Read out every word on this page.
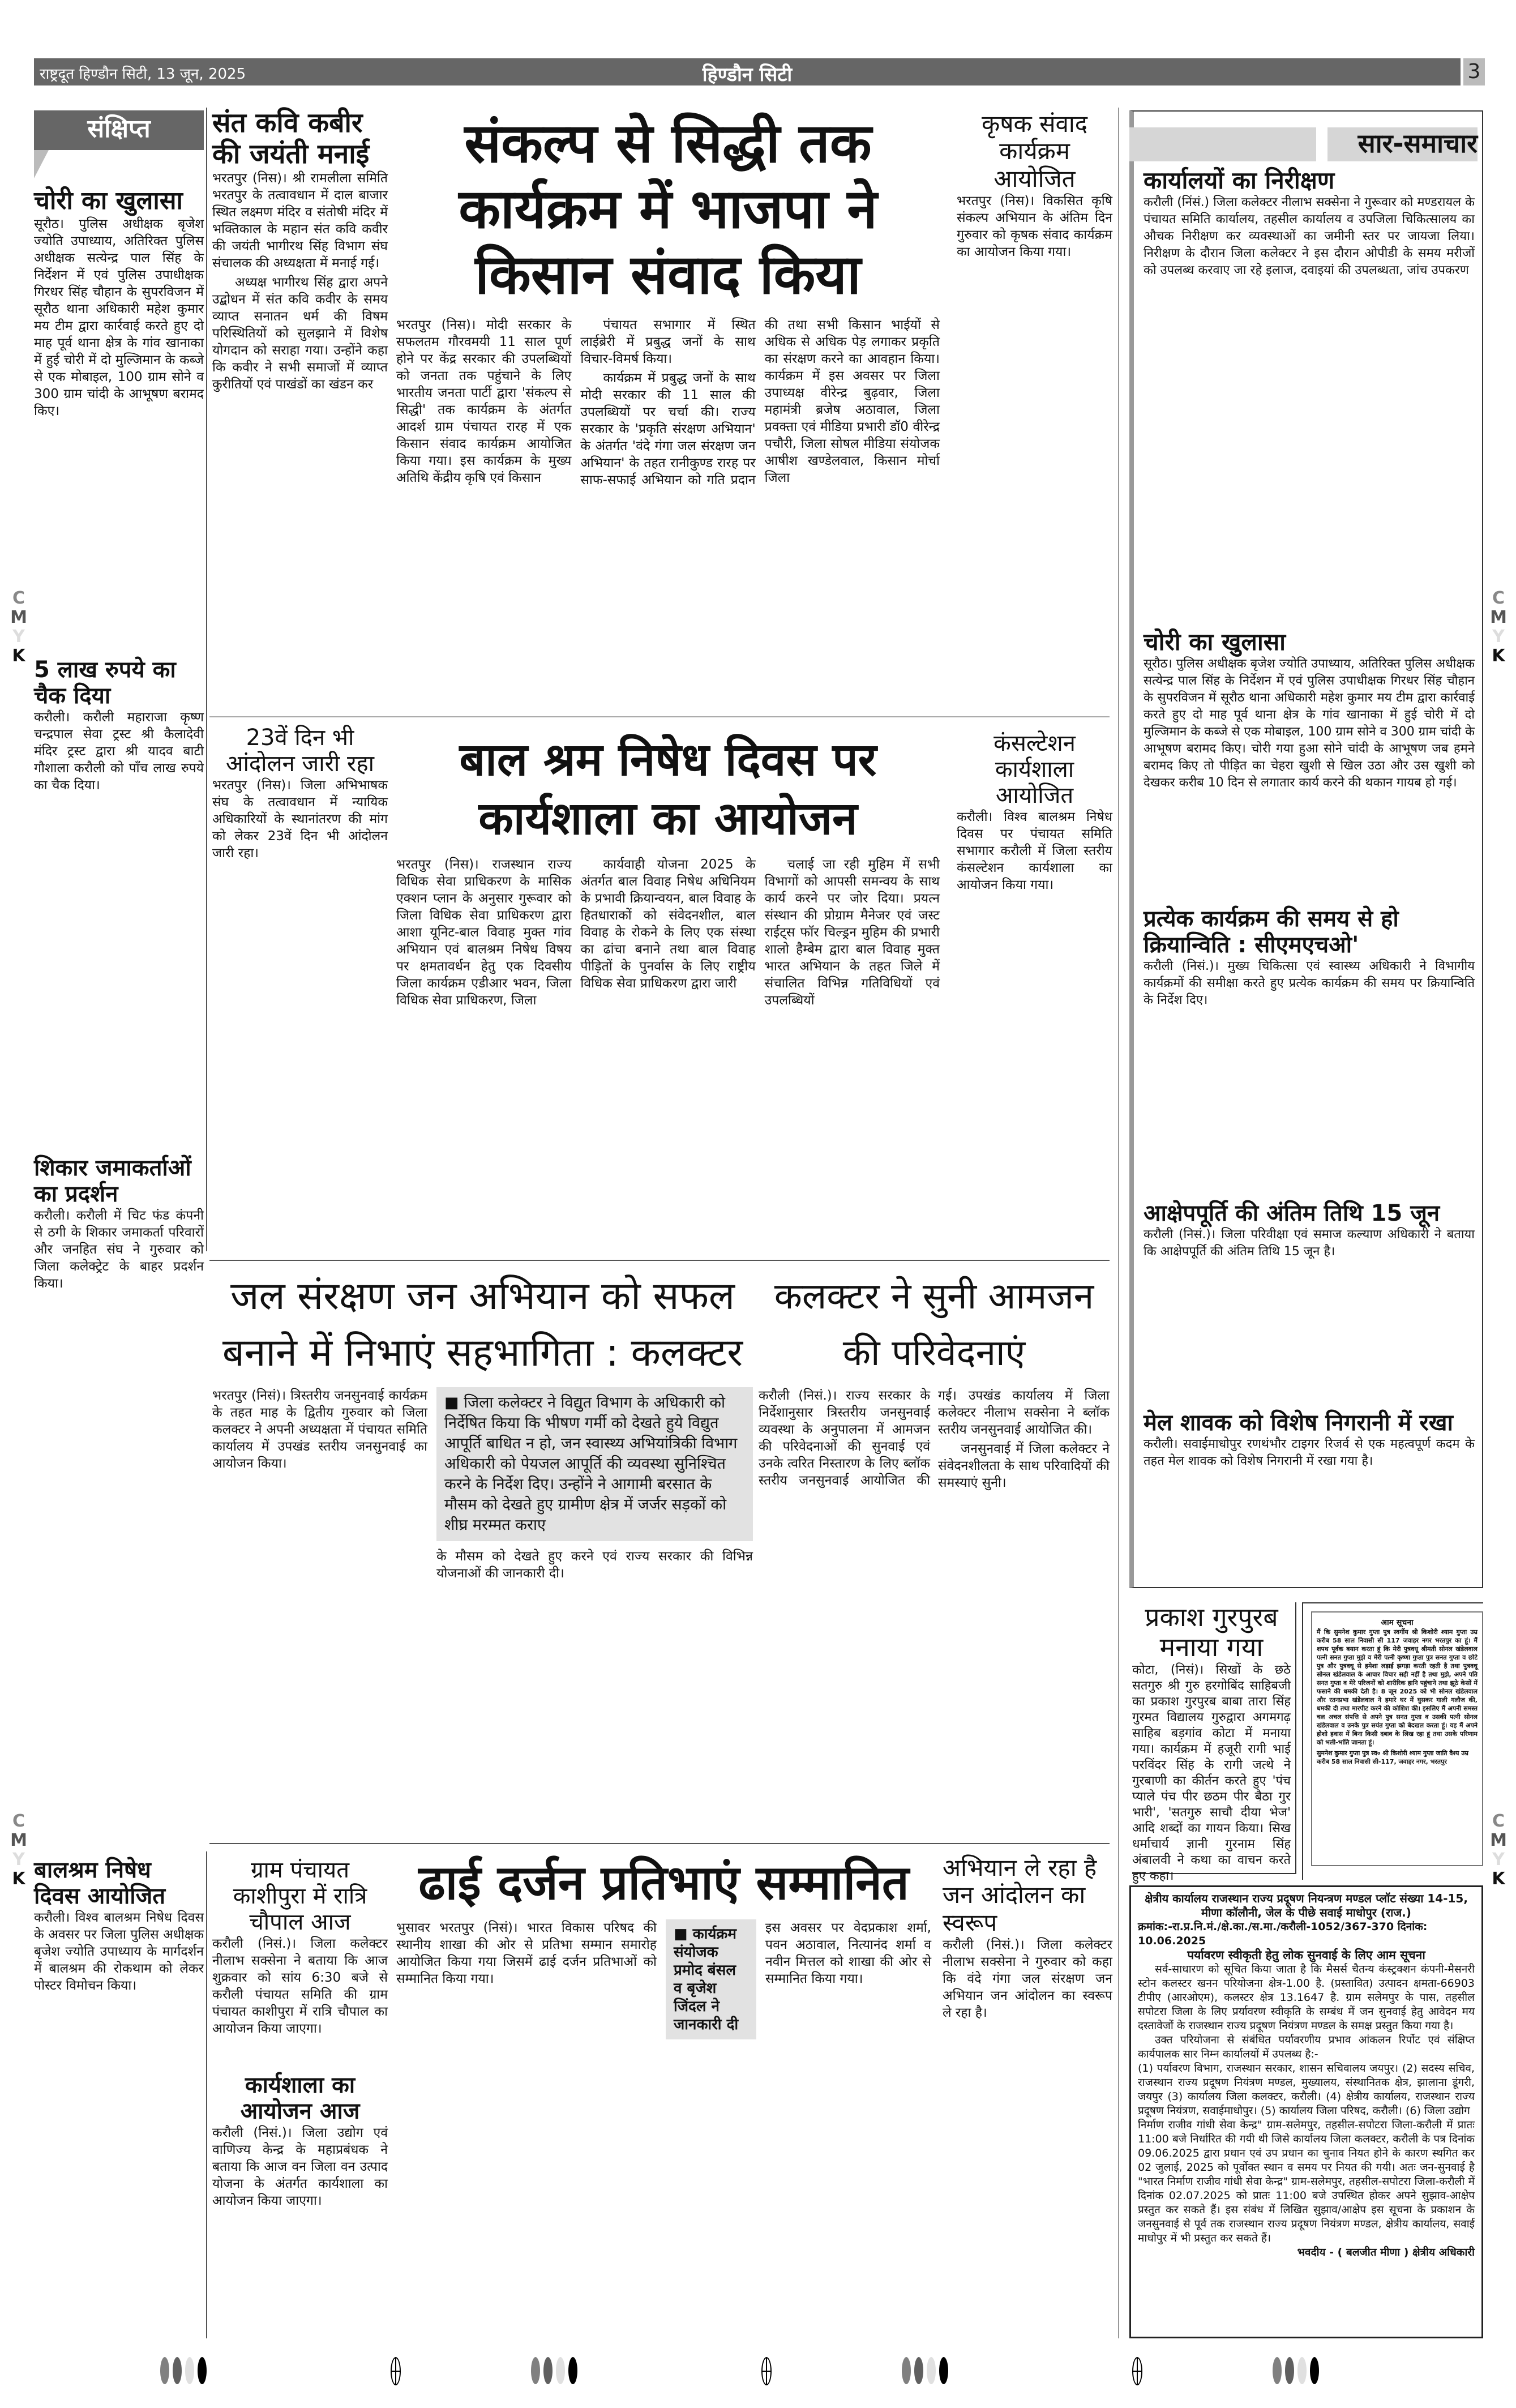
राष्ट्रदूत हिण्डौन सिटी, 13 जून, 2025	हिण्डौन सिटी	3
संक्षिप्त
चोरी का खुलासा
सूरौठ। पुलिस अधीक्षक बृजेश ज्योति उपाध्याय, अतिरिक्त पुलिस अधीक्षक सत्येन्द्र पाल सिंह के निर्देशन में एवं पुलिस उपाधीक्षक गिरधर सिंह चौहान के सुपरविजन में सूरौठ थाना अधिकारी महेश कुमार मय टीम द्वारा कार्रवाई करते हुए दो माह पूर्व थाना क्षेत्र के गांव खानाका में हुई चोरी में दो मुल्जिमान के कब्जे से एक मोबाइल, 100 ग्राम सोने व 300 ग्राम चांदी के आभूषण बरामद किए।
5 लाख रुपये का चैक दिया
करौली। करौली महाराजा कृष्ण चन्द्रपाल सेवा ट्रस्ट श्री कैलादेवी मंदिर ट्रस्ट द्वारा श्री यादव बाटी गौशाला करौली को पाँच लाख रुपये का चैक दिया।
शिकार जमाकर्ताओं का प्रदर्शन
करौली। करौली में चिट फंड कंपनी से ठगी के शिकार जमाकर्ता परिवारों और जनहित संघ ने गुरुवार को जिला कलेक्ट्रेट के बाहर प्रदर्शन किया।
बालश्रम निषेध दिवस आयोजित
करौली। विश्व बालश्रम निषेध दिवस के अवसर पर जिला पुलिस अधीक्षक बृजेश ज्योति उपाध्याय के मार्गदर्शन में बालश्रम की रोकथाम को लेकर पोस्टर विमोचन किया।
संत कवि कबीर की जयंती मनाई

भरतपुर (निस)। श्री रामलीला समिति भरतपुर के तत्वावधान में दाल बाजार स्थित लक्ष्मण मंदिर व संतोषी मंदिर में भक्तिकाल के महान संत कवि कवीर की जयंती भागीरथ सिंह विभाग संघ संचालक की अध्यक्षता में मनाई गई।

अध्यक्ष भागीरथ सिंह द्वारा अपने उद्बोधन में संत कवि कवीर के समय व्याप्त सनातन धर्म की विषम परिस्थितियों को सुलझाने में विशेष योगदान को सराहा गया। उन्होंने कहा कि कवीर ने सभी समाजों में व्याप्त कुरीतियों एवं पाखंडों का खंडन कर

23वें दिन भी आंदोलन जारी रहा

भरतपुर (निस)। जिला अभिभाषक संघ के तत्वावधान में न्यायिक अधिकारियों के स्थानांतरण की मांग को लेकर 23वें दिन भी आंदोलन जारी रहा।

संकल्प से सिद्धी तक कार्यक्रम में भाजपा ने किसान संवाद किया

भरतपुर (निस)। मोदी सरकार के सफलतम गौरवमयी 11 साल पूर्ण होने पर केंद्र सरकार की उपलब्धियों को जनता तक पहुंचाने के लिए भारतीय जनता पार्टी द्वारा 'संकल्प से सिद्धी' तक कार्यक्रम के अंतर्गत आदर्श ग्राम पंचायत रारह में एक किसान संवाद कार्यक्रम आयोजित किया गया। इस कार्यक्रम के मुख्य अतिथि केंद्रीय कृषि एवं किसान

पंचायत सभागार में स्थित लाईब्रेरी में प्रबुद्ध जनों के साथ विचार-विमर्ष किया।

कार्यक्रम में प्रबुद्ध जनों के साथ मोदी सरकार की 11 साल की उपलब्धियों पर चर्चा की। राज्य सरकार के 'प्रकृति संरक्षण अभियान' के अंतर्गत 'वंदे गंगा जल संरक्षण जन अभियान' के तहत रानीकुण्ड रारह पर साफ-सफाई अभियान को गति प्रदान की तथा सभी किसान भाईयों से अधिक से अधिक पेड़ लगाकर प्रकृति का संरक्षण करने का आवहान किया। कार्यक्रम में इस अवसर पर जिला उपाध्यक्ष वीरेन्द्र बुढ़वार, जिला महामंत्री ब्रजेष अठावाल, जिला प्रवक्ता एवं मीडिया प्रभारी डॉ0 वीरेन्द्र पचौरी, जिला सोषल मीडिया संयोजक आषीश खण्डेलवाल, किसान मोर्चा जिला

कृषक संवाद कार्यक्रम आयोजित

भरतपुर (निस)। विकसित कृषि संकल्प अभियान के अंतिम दिन गुरुवार को कृषक संवाद कार्यक्रम का आयोजन किया गया।

बाल श्रम निषेध दिवस पर कार्यशाला का आयोजन

भरतपुर (निस)। राजस्थान राज्य विधिक सेवा प्राधिकरण के मासिक एक्शन प्लान के अनुसार गुरूवार को जिला विधिक सेवा प्राधिकरण द्वारा आशा यूनिट-बाल विवाह मुक्त गांव अभियान एवं बालश्रम निषेध विषय पर क्षमतावर्धन हेतु एक दिवसीय जिला कार्यक्रम एडीआर भवन, जिला विधिक सेवा प्राधिकरण, जिला

कार्यवाही योजना 2025 के अंतर्गत बाल विवाह निषेध अधिनियम के प्रभावी क्रियान्वयन, बाल विवाह के हितधाराकों को संवेदनशील, बाल विवाह के रोकने के लिए एक संस्था का ढांचा बनाने तथा बाल विवाह पीड़ितों के पुनर्वास के लिए राष्ट्रीय विधिक सेवा प्राधिकरण द्वारा जारी

चलाई जा रही मुहिम में सभी विभागों को आपसी समन्वय के साथ कार्य करने पर जोर दिया। प्रयत्न संस्थान की प्रोग्राम मैनेजर एवं जस्ट राईट्स फॉर चिल्ड्रन मुहिम की प्रभारी शालो हैम्बेम द्वारा बाल विवाह मुक्त भारत अभियान के तहत जिले में संचालित विभिन्न गतिविधियों एवं उपलब्धियों

कंसल्टेशन कार्यशाला आयोजित

करौली। विश्व बालश्रम निषेध दिवस पर पंचायत समिति सभागार करौली में जिला स्तरीय कंसल्टेशन कार्यशाला का आयोजन किया गया।

जल संरक्षण जन अभियान को सफल बनाने में निभाएं सहभागिता : कलक्टर

भरतपुर (निसं)। त्रिस्तरीय जनसुनवाई कार्यक्रम के तहत माह के द्वितीय गुरुवार को जिला कलक्टर ने अपनी अध्यक्षता में पंचायत समिति कार्यालय में उपखंड स्तरीय जनसुनवाई का आयोजन किया।

■ जिला कलेक्टर ने विद्युत विभाग के अधिकारी को निर्देषित किया कि भीषण गर्मी को देखते हुये विद्युत आपूर्ति बाधित न हो, जन स्वास्थ्य अभियांत्रिकी विभाग अधिकारी को पेयजल आपूर्ति की व्यवस्था सुनिश्चित करने के निर्देश दिए। उन्होंने ने आगामी बरसात के मौसम को देखते हुए ग्रामीण क्षेत्र में जर्जर सड़कों को शीघ्र मरम्मत कराए

के मौसम को देखते हुए करने एवं राज्य सरकार की विभिन्न योजनाओं की जानकारी दी।

कलक्टर ने सुनी आमजन की परिवेदनाएं

करौली (निसं.)। राज्य सरकार के निर्देशानुसार त्रिस्तरीय जनसुनवाई व्यवस्था के अनुपालना में आमजन की परिवेदनाओं की सुनवाई एवं उनके त्वरित निस्तारण के लिए ब्लॉक स्तरीय जनसुनवाई आयोजित की गई। उपखंड कार्यालय में जिला कलेक्टर नीलाभ सक्सेना ने ब्लॉक स्तरीय जनसुनवाई आयोजित की।

जनसुनवाई में जिला कलेक्टर ने संवेदनशीलता के साथ परिवादियों की समस्याएं सुनी।

ग्राम पंचायत काशीपुरा में रात्रि चौपाल आज

करौली (निसं.)। जिला कलेक्टर नीलाभ सक्सेना ने बताया कि आज शुक्रवार को सांय 6:30 बजे से करौली पंचायत समिति की ग्राम पंचायत काशीपुरा में रात्रि चौपाल का आयोजन किया जाएगा।

कार्यशाला का आयोजन आज

करौली (निसं.)। जिला उद्योग एवं वाणिज्य केन्द्र के महाप्रबंधक ने बताया कि आज वन जिला वन उत्पाद योजना के अंतर्गत कार्यशाला का आयोजन किया जाएगा।

ढाई दर्जन प्रतिभाएं सम्मानित

भुसावर भरतपुर (निसं)। भारत विकास परिषद की स्थानीय शाखा की ओर से प्रतिभा सम्मान समारोह आयोजित किया गया जिसमें ढाई दर्जन प्रतिभाओं को सम्मानित किया गया।

■ कार्यक्रम संयोजक प्रमोद बंसल व बृजेश जिंदल ने जानकारी दी

इस अवसर पर वेदप्रकाश शर्मा, पवन अठावाल, नित्यानंद शर्मा व नवीन मित्तल को शाखा की ओर से सम्मानित किया गया।

अभियान ले रहा है जन आंदोलन का स्वरूप

करौली (निसं.)। जिला कलेक्टर नीलाभ सक्सेना ने गुरुवार को कहा कि वंदे गंगा जल संरक्षण जन अभियान जन आंदोलन का स्वरूप ले रहा है।

सार-समाचार
कार्यालयों का निरीक्षण
करौली (निंसं.) जिला कलेक्टर नीलाभ सक्सेना ने गुरूवार को मण्डरायल के पंचायत समिति कार्यालय, तहसील कार्यालय व उपजिला चिकित्सालय का औचक निरीक्षण कर व्यवस्थाओं का जमीनी स्तर पर जायजा लिया। निरीक्षण के दौरान जिला कलेक्टर ने इस दौरान ओपीडी के समय मरीजों को उपलब्ध करवाए जा रहे इलाज, दवाइयां की उपलब्धता, जांच उपकरण
चोरी का खुलासा
सूरौठ। पुलिस अधीक्षक बृजेश ज्योति उपाध्याय, अतिरिक्त पुलिस अधीक्षक सत्येन्द्र पाल सिंह के निर्देशन में एवं पुलिस उपाधीक्षक गिरधर सिंह चौहान के सुपरविजन में सूरौठ थाना अधिकारी महेश कुमार मय टीम द्वारा कार्रवाई करते हुए दो माह पूर्व थाना क्षेत्र के गांव खानाका में हुई चोरी में दो मुल्जिमान के कब्जे से एक मोबाइल, 100 ग्राम सोने व 300 ग्राम चांदी के आभूषण बरामद किए। चोरी गया हुआ सोने चांदी के आभूषण जब हमने बरामद किए तो पीड़ित का चेहरा खुशी से खिल उठा और उस खुशी को देखकर करीब 10 दिन से लगातार कार्य करने की थकान गायब हो गई।
प्रत्येक कार्यक्रम की समय से हो क्रियान्विति : सीएमएचओ'
करौली (निसं.)। मुख्य चिकित्सा एवं स्वास्थ्य अधिकारी ने विभागीय कार्यक्रमों की समीक्षा करते हुए प्रत्येक कार्यक्रम की समय पर क्रियान्विति के निर्देश दिए।
आक्षेपपूर्ति की अंतिम तिथि 15 जून
करौली (निसं.)। जिला परिवीक्षा एवं समाज कल्याण अधिकारी ने बताया कि आक्षेपपूर्ति की अंतिम तिथि 15 जून है।
मेल शावक को विशेष निगरानी में रखा
करौली। सवाईमाधोपुर रणथंभौर टाइगर रिजर्व से एक महत्वपूर्ण कदम के तहत मेल शावक को विशेष निगरानी में रखा गया है।
प्रकाश गुरपुरब मनाया गया
कोटा, (निसं)। सिखों के छठे सतगुरु श्री गुरु हरगोबिंद साहिबजी का प्रकाश गुरपुरब बाबा तारा सिंह गुरमत विद्यालय गुरुद्वारा अगमगढ़ साहिब बड़गांव कोटा में मनाया गया। कार्यक्रम में हजूरी रागी भाई परविंदर सिंह के रागी जत्थे ने गुरबाणी का कीर्तन करते हुए 'पंच प्याले पंच पीर छठम पीर बैठा गुर भारी', 'सतगुरु साचौ दीया भेज' आदि शब्दों का गायन किया। सिख धर्माचार्य ज्ञानी गुरनाम सिंह अंबालवी ने कथा का वाचन करते हुए कहा।
आम सूचना
मैं कि सुमनेश कुमार गुप्ता पुत्र स्वर्गीय श्री किशोरी श्याम गुप्ता उम्र करीब 58 साल निवासी सी 117 जवाहर नगर भरतपुर का हूं। मैं शपथ पूर्वक बयान करता हूं कि मेरी पुत्रवधू श्रीमती सोनल खंडेलवाल पत्नी सनत गुप्ता मुझे व मेरी पत्नी कृष्णा गुप्ता पुत्र सनत गुप्ता व छोटे पुत्र और पुत्रवधू से हमेशा लड़ाई झगड़ा करती रहती है तथा पुत्रवधू सोनल खंडेलवाल के आचार विचार सही नहीं है तथा मुझे, अपने पति सनत गुप्ता व मेरे परिजनों को शारीरिक हानि पहुंचाने तथा झूठे केसों में फसाने की धमकी देती है। 8 जून 2025 को भी सोनल खंडेलवाल और रतनप्रभा खंडेलवाल ने हमारे घर में घुसकर गाली गलौज की, धमकी दी तथा मारपीट करने की कोशिश की। इसलिए मैं अपनी समस्त चल अचल संपत्ति से अपने पुत्र सनत गुप्ता व उसकी पत्नी सोनल खंडेलवाल व उनके पुत्र सयंत गुप्ता को बेदखल करता हूं। यह मैं अपने होशो हवास में बिना किसी दबाव के लिख रहा हूं तथा उसके परिणाम को भली-भांति जानता हूं।
सुमनेश कुमार गुप्ता पुत्र स्व० श्री किशोरी श्याम गुप्ता जाति वैश्य उम्र करीब 58 साल निवासी सी-117, जवाहर नगर, भरतपुर
क्षेत्रीय कार्यालय राजस्थान राज्य प्रदूषण नियन्त्रण मण्डल प्लॉट संख्या 14-15, मीणा कॉलौनी, जेल के पीछे सवाई माधोपुर (राज.)
क्रमांक:-रा.प्र.नि.मं./क्षे.का./स.मा./करौली-1052/367-370 दिनांक: 10.06.2025
पर्यावरण स्वीकृती हेतु लोक सुनवाई के लिए आम सूचना
सर्व-साधारण को सूचित किया जाता है कि मैसर्स चैतन्य कंस्ट्रक्शन कंपनी-मैसनरी स्टोन कलस्टर खनन परियोजना क्षेत्र-1.00 है. (प्रस्तावित) उत्पादन क्षमता-66903 टीपीए (आरओएम), कलस्टर क्षेत्र 13.1647 है. ग्राम सलेमपुर के पास, तहसील सपोटरा जिला के लिए प्रर्यावरण स्वीकृति के सम्बंध में जन सुनवाई हेतु आवेदन मय दस्तावेजों के राजस्थान राज्य प्रदूषण नियंत्रण मण्डल के समक्ष प्रस्तुत किया गया है।
उक्त परियोजना से संबंधित पर्यावरणीय प्रभाव आंकलन रिर्पोट एवं संक्षिप्त कार्यपालक सार निम्न कार्यालयों में उपलब्ध है:-
(1) पर्यावरण विभाग, राजस्थान सरकार, शासन सचिवालय जयपुर। (2) सदस्य सचिव, राजस्थान राज्य प्रदूषण नियंत्रण मण्डल, मुख्यालय, संस्थानितक क्षेत्र, झालाना डूंगरी, जयपुर (3) कार्यालय जिला कलक्टर, करौली। (4) क्षेत्रीय कार्यालय, राजस्थान राज्य प्रदूषण नियंत्रण, सवाईमाधोपुर। (5) कार्यालय जिला परिषद, करौली। (6) जिला उद्योग
निर्माण राजीव गांधी सेवा केन्द्र" ग्राम-सलेमपुर, तहसील-सपोटरा जिला-करौली में प्रातः 11:00 बजे निर्धारित की गयी थी जिसे कार्यालय जिला कलक्टर, करौली के पत्र दिनांक 09.06.2025 द्वारा प्रधान एवं उप प्रधान का चुनाव नियत होने के कारण स्थगित कर 02 जुलाई, 2025 को पूर्वोक्त स्थान व समय पर नियत की गयी। अतः जन-सुनवाई है "भारत निर्माण राजीव गांधी सेवा केन्द्र" ग्राम-सलेमपुर, तहसील-सपोटरा जिला-करौली में दिनांक 02.07.2025 को प्रातः 11:00 बजे उपस्थित होकर अपने सुझाव-आक्षेप प्रस्तुत कर सकते हैं। इस संबंध में लिखित सुझाव/आक्षेप इस सूचना के प्रकाशन के जनसुनवाई से पूर्व तक राजस्थान राज्य प्रदूषण नियंत्रण मण्डल, क्षेत्रीय कार्यालय, सवाई माधोपुर में भी प्रस्तुत कर सकते हैं।
भवदीय - ( बलजीत मीणा ) क्षेत्रीय अधिकारी
C
M
Y
K
C
M
Y
K
C
M
Y
K
C
M
Y
K
